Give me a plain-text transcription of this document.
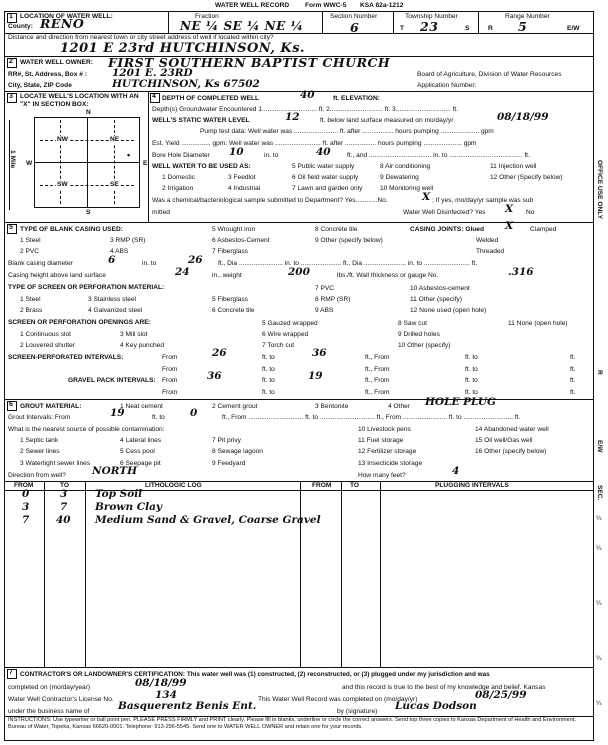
WATER WELL RECORD Form WWC-5 KSA 82a-1212
1 LOCATION OF WATER WELL:
County: RENO	Fraction
NE ¼ SE ¼ NE ¼
Section Number
6
Township Number
T 23	S
Range Number
R 5	E/W
Distance and direction from nearest town or city street address of well if located within city?
1201 E 23rd HUTCHINSON, Ks.
2 WATER WELL OWNER: FIRST SOUTHERN BAPTIST CHURCH
RR#, St. Address, Box # : 1201 E. 23RD
City, State, ZIP Code	HUTCHINSON, Ks 67502
Board of Agriculture, Division of Water Resources
Application Number:
3 LOCATE WELL'S LOCATION WITH AN "X" IN SECTION BOX:
N
S
W	E
NW	NE
SW	SE
•
1 Mile
4 DEPTH OF COMPLETED WELL	40	ft. ELEVATION:
Depth(s) Groundwater Encountered 1.............................. ft. 2............................. ft. 3.............................. ft.
WELL'S STATIC WATER LEVEL	12	ft. below land surface measured on mo/day/yr	08/18/99
Pump test data: Well water was ........................ ft. after ................. hours pumping ..................... gpm
Est. Yield ................ gpm: Well water was ......................... ft. after ................. hours pumping ..................... gpm
Bore Hole Diameter 10	in. to	40 ft., and .................................. in. to ........................................ ft.
WELL WATER TO BE USED AS:
1 Domestic	3 Feedlot
5 Public water supply	8 Air conditioning	11 Injection well
2 Irrigation	4 Industrial	7 Lawn and garden only
9 Dewatering	12 Other (Specify below)
6 Oil field water supply
10 Monitoring well
Was a chemical/bacteriological sample submitted to Department? Yes............No.	X ; If yes, mo/day/yr sample was sub
mitted	Water Well Disinfected? Yes X No
5 TYPE OF BLANK CASING USED:
1 Steel
2 PVC
3 RMP (SR)
4 ABS
5 Wrought iron
6 Asbestos-Cement
7 Fiberglass
8 Concrete tile
9 Other (specify below)
CASING JOINTS: Glued X	Clamped
Welded
Threaded
Blank casing diameter	6	in. to	26 ft., Dia ........................ in. to ...................... ft., Dia ....................... in. to ......................... ft.
Casing height above land surface	24	in., weight	200	lbs./ft. Wall thickness or gauge No.	.316
TYPE OF SCREEN OR PERFORATION MATERIAL:
1 Steel
2 Brass
3 Stainless steel
4 Galvanized steel
5 Fiberglass
6 Concrete tile
7 PVC
8 RMP (SR)
9 ABS
10 Asbestos-cement
11 Other (specify)
12 None used (open hole)
SCREEN OR PERFORATION OPENINGS ARE:
1 Continuous slot
2 Louvered shutter
3 Mill slot
4 Key punched
5 Gauzed wrapped
6 Wire wrapped
7 Torch cut
8 Saw cut
9 Drilled holes
10 Other (specify)
11 None (open hole)
SCREEN-PERFORATED INTERVALS:	From	26	ft. to	36	ft., From	ft. to	ft.
From	ft. to	ft., From	ft. to	ft.
GRAVEL PACK INTERVALS: From	36	ft. to	19	ft., From	ft. to	ft.
From	ft. to	ft., From	ft. to	ft.
6 GROUT MATERIAL:	1 Neat cement	2 Cement grout	3 Bentonite	4 Other HOLE PLUG
Grout Intervals: From	19	ft. to 0	ft., From .............................. ft. to .............................. ft., From ........................ ft. to ........................... ft.
What is the nearest source of possible contamination:
1 Septic tank
2 Sewer lines
3 Watertight sewer lines
4 Lateral lines
5 Cess pool
6 Seepage pit
7 Pit privy
8 Sewage lagoon
9 Feedyard
10 Livestock pens
11 Fuel storage
12 Fertilizer storage
13 Insecticide storage
14 Abandoned water well
15 Oil well/Gas well
16 Other (specify below)
Direction from well? NORTH	How many feet?	4
FROM	TO	LITHOLOGIC LOG	FROM	TO	PLUGGING INTERVALS
0	3	Top Soil
3	7	Brown Clay
7	40 Medium Sand & Gravel, Coarse Gravel
7 CONTRACTOR'S OR LANDOWNER'S CERTIFICATION: This water well was (1) constructed, (2) reconstructed, or (3) plugged under my jurisdiction and was
completed on (mo/day/year)	08/18/99	and this record is true to the best of my knowledge and belief. Kansas
Water Well Contractor's License No.	134	This Water Well Record was completed on (mo/day/yr)	08/25/99
under the business name of	Basquerentz Benis Ent.	by (signature) Lucas Dodson
INSTRUCTIONS: Use typewriter or ball point pen. PLEASE PRESS FIRMLY and PRINT clearly. Please fill in blanks, underline or circle the correct answers. Send top three copies to Kansas Department of Health and Environment, Bureau of Water, Topeka, Kansas 66620-0001. Telephone: 913-296-5545. Send one to WATER WELL OWNER and retain one for your records.
OFFICE USE ONLY
R
E/W
SEC.
¼
¼
¼
¼
¼
